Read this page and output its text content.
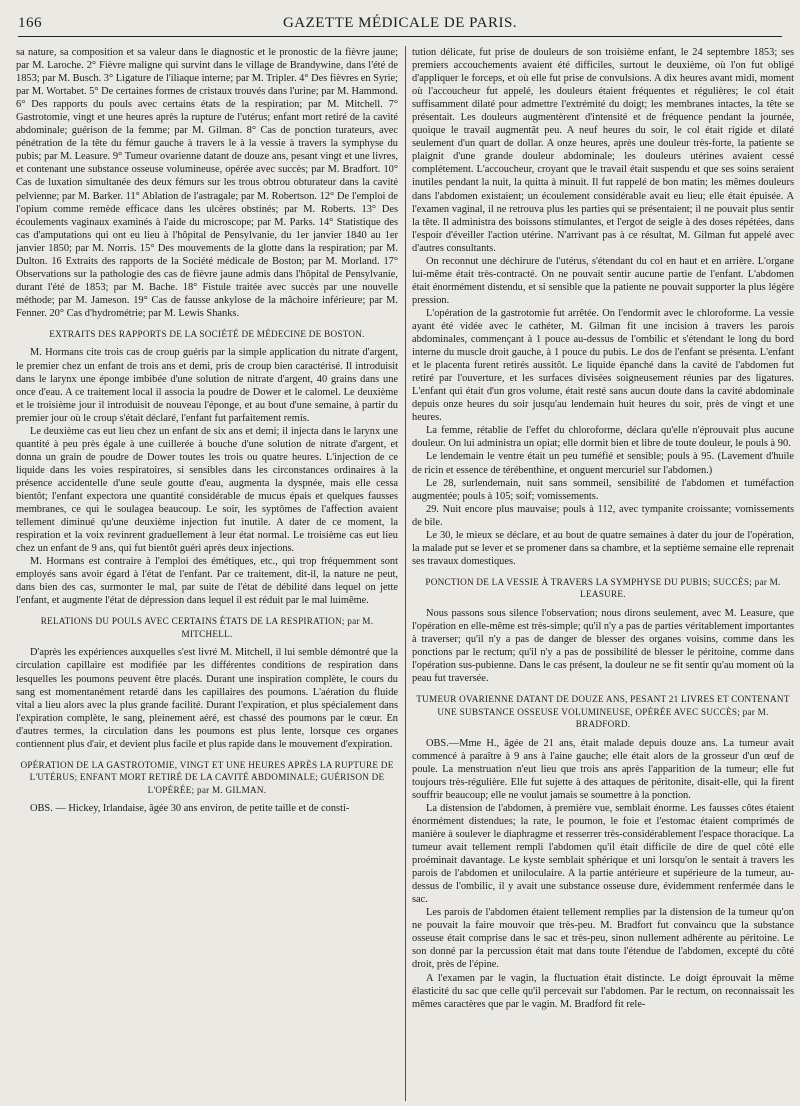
166	GAZETTE MÉDICALE DE PARIS.

sa nature, sa composition et sa valeur dans le diagnostic et le pronostic de la fièvre jaune; par M. Laroche. 2° Fièvre maligne qui survint dans le village de Brandywine, dans l'été de 1853; par M. Busch. 3° Ligature de l'iliaque interne; par M. Tripler. 4° Des fièvres en Syrie; par M. Wortabet. 5° De certaines formes de cristaux trouvés dans l'urine; par M. Hammond. 6° Des rapports du pouls avec certains états de la respiration; par M. Mitchell. 7° Gastrotomie, vingt et une heures après la rupture de l'utérus; enfant mort retiré de la cavité abdominale; guérison de la femme; par M. Gilman. 8° Cas de ponction turateurs, avec pénétration de la tête du fémur gauche à travers le à la vessie à travers la symphyse du pubis; par M. Leasure. 9° Tumeur ovarienne datant de douze ans, pesant vingt et une livres, et contenant une substance osseuse volumineuse, opérée avec succès; par M. Bradfort. 10° Cas de luxation simultanée des deux fémurs sur les trous obtrou obturateur dans la cavité pelvienne; par M. Barker. 11° Ablation de l'astragale; par M. Robertson. 12° De l'emploi de l'opium comme remède efficace dans les ulcères obstinés; par M. Roberts. 13° Des écoulements vaginaux examinés à l'aide du microscope; par M. Parks. 14° Statistique des cas d'amputations qui ont eu lieu à l'hôpital de Pensylvanie, du 1er janvier 1840 au 1er janvier 1850; par M. Norris. 15° Des mouvements de la glotte dans la respiration; par M. Dulton. 16 Extraits des rapports de la Société médicale de Boston; par M. Morland. 17° Observations sur la pathologie des cas de fièvre jaune admis dans l'hôpital de Pensylvanie, durant l'été de 1853; par M. Bache. 18° Fistule traitée avec succès par une nouvelle méthode; par M. Jameson. 19° Cas de fausse ankylose de la mâchoire inférieure; par M. Fenner. 20° Cas d'hydrométrie; par M. Lewis Shanks.

EXTRAITS DES RAPPORTS DE LA SOCIÉTÉ DE MÉDECINE DE BOSTON.

M. Hormans cite trois cas de croup guéris par la simple application du nitrate d'argent, le premier chez un enfant de trois ans et demi, pris de croup bien caractérisé. Il introduisit dans le larynx une éponge imbibée d'une solution de nitrate d'argent, 40 grains dans une once d'eau. A ce traitement local il associa la poudre de Dower et le calomel. Le deuxième et le troisième jour il introduisit de nouveau l'éponge, et au bout d'une semaine, à partir du premier jour où le croup s'était déclaré, l'enfant fut parfaitement remis.

Le deuxième cas eut lieu chez un enfant de six ans et demi; il injecta dans le larynx une quantité à peu près égale à une cuillerée à bouche d'une solution de nitrate d'argent, et donna un grain de poudre de Dower toutes les trois ou quatre heures. L'injection de ce liquide dans les voies respiratoires, si sensibles dans les circonstances ordinaires à la présence accidentelle d'une seule goutte d'eau, augmenta la dyspnée, mais elle cessa bientôt; l'enfant expectora une quantité considérable de mucus épais et quelques fausses membranes, ce qui le soulagea beaucoup. Le soir, les syptômes de l'affection avaient tellement diminué qu'une deuxième injection fut inutile. A dater de ce moment, la respiration et la voix revinrent graduellement à leur état normal. Le troisième cas eut lieu chez un enfant de 9 ans, qui fut bientôt guéri après deux injections.

M. Hormans est contraire à l'emploi des émétiques, etc., qui trop fréquemment sont employés sans avoir égard à l'état de l'enfant. Par ce traitement, dit-il, la nature ne peut, dans bien des cas, surmonter le mal, par suite de l'état de débilité dans lequel on jette l'enfant, et augmente l'état de dépression dans lequel il est réduit par le mal luimême.

RELATIONS DU POULS AVEC CERTAINS ÉTATS DE LA RESPIRATION; par M. MITCHELL.

D'après les expériences auxquelles s'est livré M. Mitchell, il lui semble démontré que la circulation capillaire est modifiée par les différentes conditions de respiration dans lesquelles les poumons peuvent être placés. Durant une inspiration complète, le cours du sang est momentanément retardé dans les capillaires des poumons. L'aération du fluide vital a lieu alors avec la plus grande facilité. Durant l'expiration, et plus spécialement dans l'expiration complète, le sang, pleinement aéré, est chassé des poumons par le cœur. En d'autres termes, la circulation dans les poumons est plus lente, lorsque ces organes contiennent plus d'air, et devient plus facile et plus rapide dans le mouvement d'expiration.

OPÉRATION DE LA GASTROTOMIE, VINGT ET UNE HEURES APRÈS LA RUPTURE DE L'UTÉRUS; ENFANT MORT RETIRÉ DE LA CAVITÉ ABDOMINALE; GUÉRISON DE L'OPÉRÉE; par M. GILMAN.

OBS. — Hickey, Irlandaise, âgée 30 ans environ, de petite taille et de consti-

tution délicate, fut prise de douleurs de son troisième enfant, le 24 septembre 1853; ses premiers accouchements avaient été difficiles, surtout le deuxième, où l'on fut obligé d'appliquer le forceps, et où elle fut prise de convulsions. A dix heures avant midi, moment où l'accoucheur fut appelé, les douleurs étaient fréquentes et régulières; le col était suffisamment dilaté pour admettre l'extrémité du doigt; les membranes intactes, la tête se présentait. Les douleurs augmentèrent d'intensité et de fréquence pendant la journée, quoique le travail augmentât peu. A neuf heures du soir, le col était rigide et dilaté seulement d'un quart de dollar. A onze heures, après une douleur très-forte, la patiente se plaignit d'une grande douleur abdominale; les douleurs utérines avaient cessé complétement. L'accoucheur, croyant que le travail était suspendu et que ses soins seraient inutiles pendant la nuit, la quitta à minuit. Il fut rappelé de bon matin; les mêmes douleurs dans l'abdomen existaient; un écoulement considérable avait eu lieu; elle était épuisée. A l'examen vaginal, il ne retrouva plus les parties qui se présentaient; il ne pouvait plus sentir la tête. Il administra des boissons stimulantes, et l'ergot de seigle à des doses répétées, dans l'espoir d'éveiller l'action utérine. N'arrivant pas à ce résultat, M. Gilman fut appelé avec d'autres consultants.

On reconnut une déchirure de l'utérus, s'étendant du col en haut et en arrière. L'organe lui-même était très-contracté. On ne pouvait sentir aucune partie de l'enfant. L'abdomen était énormément distendu, et si sensible que la patiente ne pouvait supporter la plus légère pression.

L'opération de la gastrotomie fut arrêtée. On l'endormit avec le chloroforme. La vessie ayant été vidée avec le cathéter, M. Gilman fit une incision à travers les parois abdominales, commençant à 1 pouce au-dessus de l'ombilic et s'étendant le long du bord interne du muscle droit gauche, à 1 pouce du pubis. Le dos de l'enfant se présenta. L'enfant et le placenta furent retirés aussitôt. Le liquide épanché dans la cavité de l'abdomen fut retiré par l'ouverture, et les surfaces divisées soigneusement réunies par des ligatures. L'enfant qui était d'un gros volume, était resté sans aucun doute dans la cavité abdominale depuis onze heures du soir jusqu'au lendemain huit heures du soir, près de vingt et une heures.

La femme, rétablie de l'effet du chloroforme, déclara qu'elle n'éprouvait plus aucune douleur. On lui administra un opiat; elle dormit bien et libre de toute douleur, le pouls à 90.

Le lendemain le ventre était un peu tuméfié et sensible; pouls à 95. (Lavement d'huile de ricin et essence de térébenthine, et onguent mercuriel sur l'abdomen.)

Le 28, surlendemain, nuit sans sommeil, sensibilité de l'abdomen et tuméfaction augmentée; pouls à 105; soif; vomissements.

29. Nuit encore plus mauvaise; pouls à 112, avec tympanite croissante; vomissements de bile.

Le 30, le mieux se déclare, et au bout de quatre semaines à dater du jour de l'opération, la malade put se lever et se promener dans sa chambre, et la septième semaine elle reprenait ses travaux domestiques.

PONCTION DE LA VESSIE À TRAVERS LA SYMPHYSE DU PUBIS; SUCCÈS; par M. LEASURE.

Nous passons sous silence l'observation; nous dirons seulement, avec M. Leasure, que l'opération en elle-même est très-simple; qu'il n'y a pas de parties véritablement importantes à traverser; qu'il n'y a pas de danger de blesser des organes voisins, comme dans les ponctions par le rectum; qu'il n'y a pas de possibilité de blesser le péritoine, comme dans l'opération sus-pubienne. Dans le cas présent, la douleur ne se fit sentir qu'au moment où la peau fut traversée.

TUMEUR OVARIENNE DATANT DE DOUZE ANS, PESANT 21 LIVRES ET CONTENANT UNE SUBSTANCE OSSEUSE VOLUMINEUSE, OPÉRÉE AVEC SUCCÈS; par M. BRADFORD.

OBS.—Mme H., âgée de 21 ans, était malade depuis douze ans. La tumeur avait commencé à paraître à 9 ans à l'aine gauche; elle était alors de la grosseur d'un œuf de poule. La menstruation n'eut lieu que trois ans après l'apparition de la tumeur; elle fut toujours très-régulière. Elle fut sujette à des attaques de péritonite, disait-elle, qui la firent souffrir beaucoup; elle ne voulut jamais se soumettre à la ponction.

La distension de l'abdomen, à première vue, semblait énorme. Les fausses côtes étaient énormément distendues; la rate, le poumon, le foie et l'estomac étaient comprimés de manière à soulever le diaphragme et resserrer très-considérablement l'espace thoracique. La tumeur avait tellement rempli l'abdomen qu'il était difficile de dire de quel côté elle proéminait davantage. Le kyste semblait sphérique et uni lorsqu'on le sentait à travers les parois de l'abdomen et uniloculaire. A la partie antérieure et supérieure de la tumeur, au-dessus de l'ombilic, il y avait une substance osseuse dure, évidemment renfermée dans le sac.

Les parois de l'abdomen étaient tellement remplies par la distension de la tumeur qu'on ne pouvait la faire mouvoir que très-peu. M. Bradfort fut convaincu que la substance osseuse était comprise dans le sac et très-peu, sinon nullement adhérente au péritoine. Le son donné par la percussion était mat dans toute l'étendue de l'abdomen, excepté du côté droit, près de l'épine.

A l'examen par le vagin, la fluctuation était distincte. Le doigt éprouvait la même élasticité du sac que celle qu'il percevait sur l'abdomen. Par le rectum, on reconnaissait les mêmes caractères que par le vagin. M. Bradford fit rele-
